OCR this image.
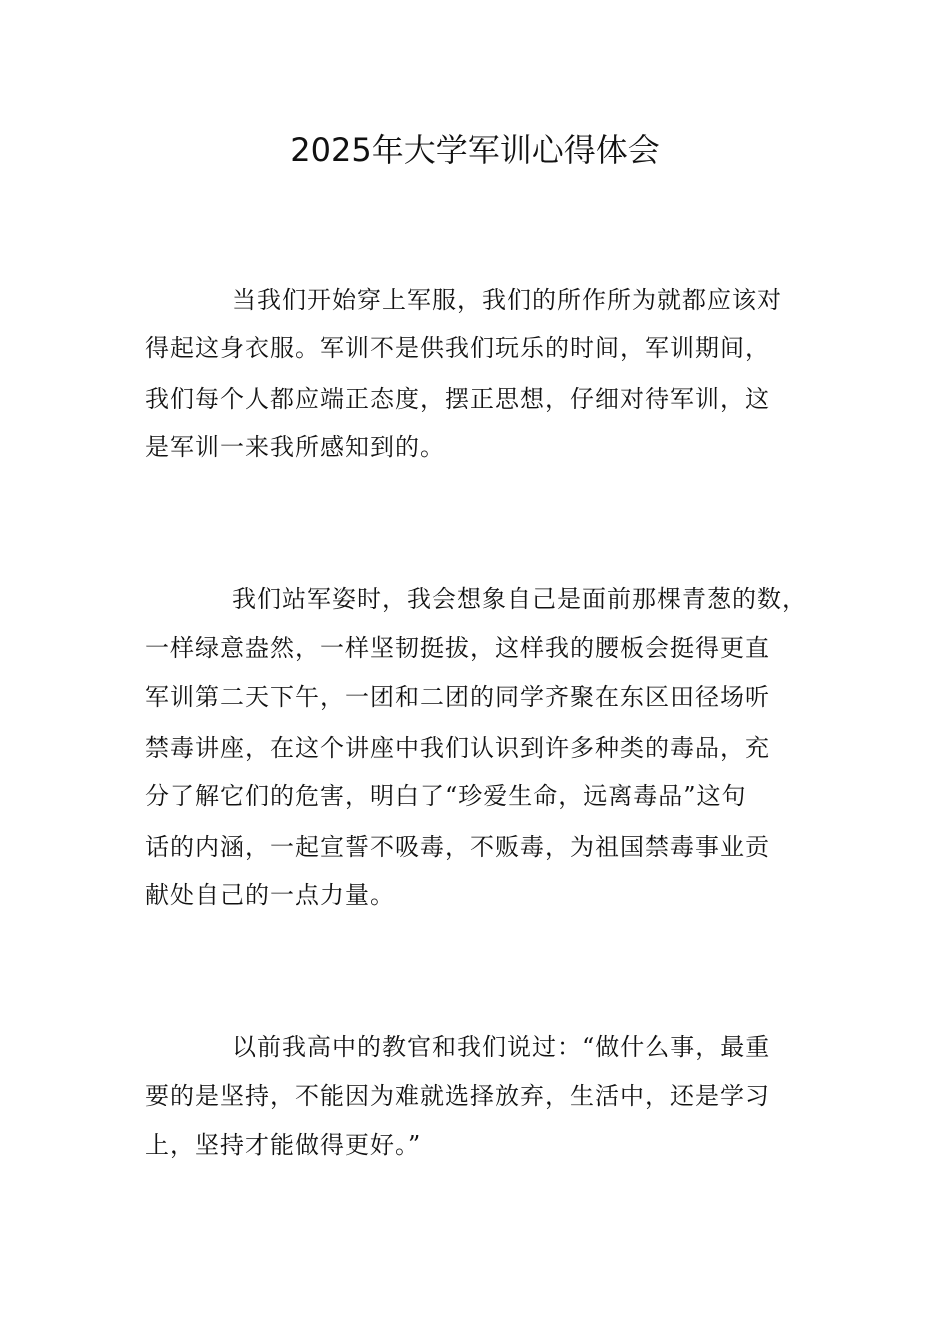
2025年大学军训心得体会
当我们开始穿上军服，我们的所作所为就都应该对
得起这身衣服。军训不是供我们玩乐的时间，军训期间，
我们每个人都应端正态度，摆正思想，仔细对待军训，这
是军训一来我所感知到的。
我们站军姿时，我会想象自己是面前那棵青葱的数，
一样绿意盎然，一样坚韧挺拔，这样我的腰板会挺得更直
军训第二天下午，一团和二团的同学齐聚在东区田径场听
禁毒讲座，在这个讲座中我们认识到许多种类的毒品，充
分了解它们的危害，明白了“珍爱生命，远离毒品”这句
话的内涵，一起宣誓不吸毒，不贩毒，为祖国禁毒事业贡
献处自己的一点力量。
以前我高中的教官和我们说过：“做什么事，最重
要的是坚持，不能因为难就选择放弃，生活中，还是学习
上，坚持才能做得更好。”
